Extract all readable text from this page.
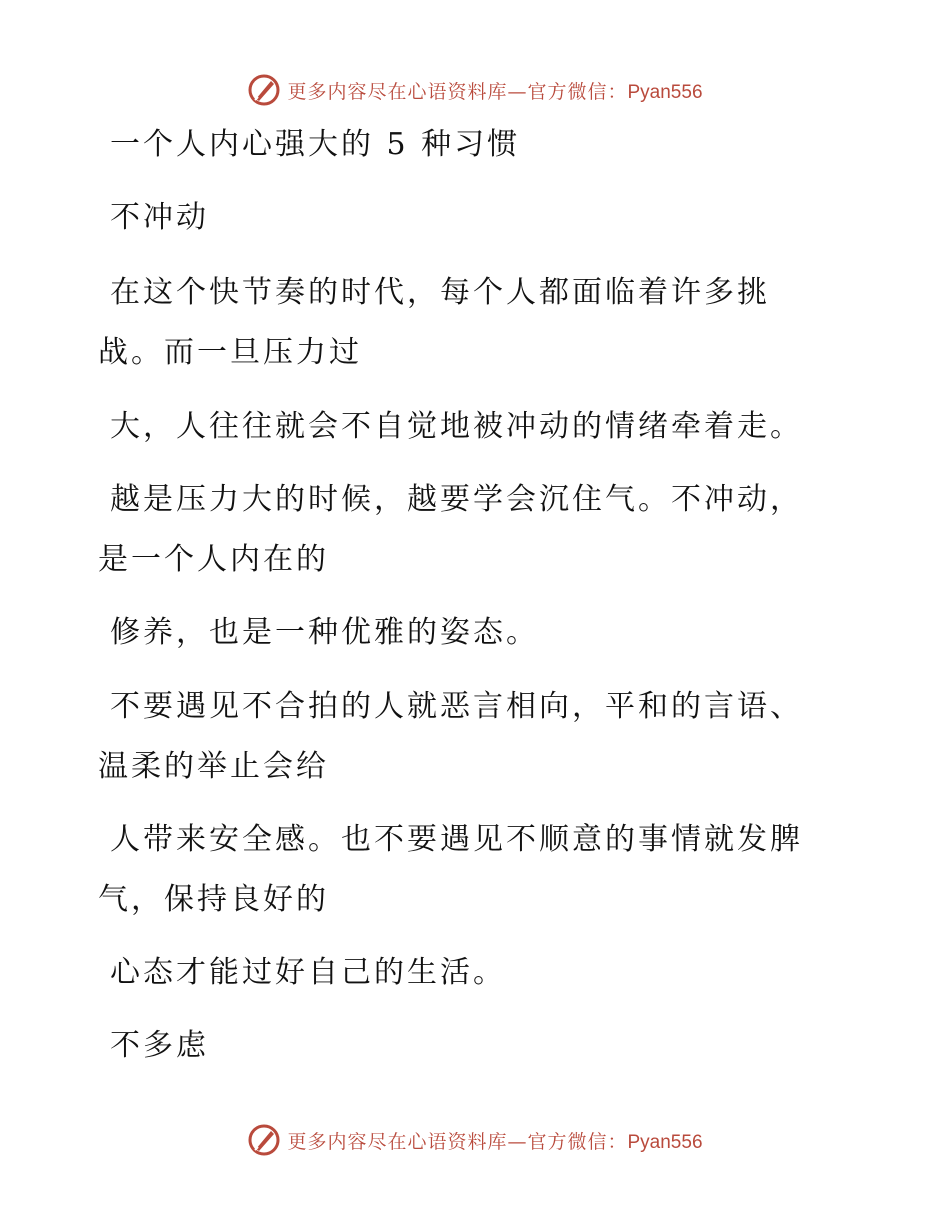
更多内容尽在心语资料库—官方微信：Pyan556
一个人内心强大的 5 种习惯
不冲动
在这个快节奏的时代，每个人都面临着许多挑
战。而一旦压力过
大，人往往就会不自觉地被冲动的情绪牵着走。
越是压力大的时候，越要学会沉住气。不冲动，
是一个人内在的
修养，也是一种优雅的姿态。
不要遇见不合拍的人就恶言相向，平和的言语、
温柔的举止会给
人带来安全感。也不要遇见不顺意的事情就发脾
气，保持良好的
心态才能过好自己的生活。
不多虑
更多内容尽在心语资料库—官方微信：Pyan556
